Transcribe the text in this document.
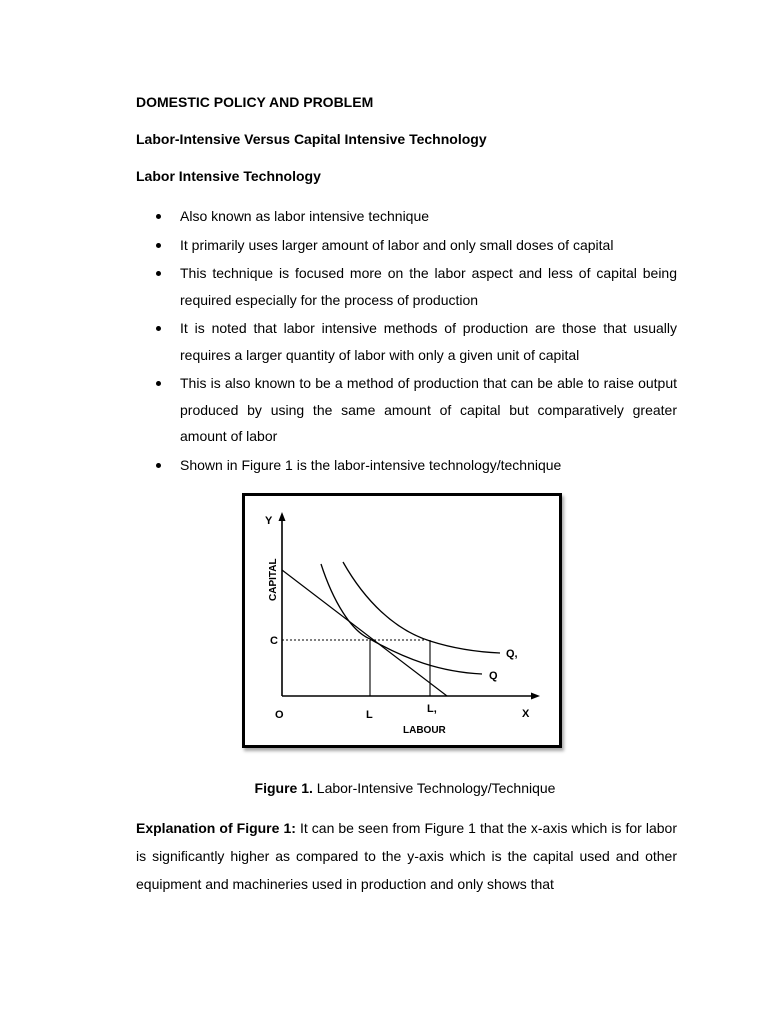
DOMESTIC POLICY AND PROBLEM
Labor-Intensive Versus Capital Intensive Technology
Labor Intensive Technology
Also known as labor intensive technique
It primarily uses larger amount of labor and only small doses of capital
This technique is focused more on the labor aspect and less of capital being required especially for the process of production
It is noted that labor intensive methods of production are those that usually requires a larger quantity of labor with only a given unit of capital
This is also known to be a method of production that can be able to raise output produced by using the same amount of capital but comparatively greater amount of labor
Shown in Figure 1 is the labor-intensive technology/technique
Y
CAPITAL
C
O	L	L,	X
LABOUR
Q
Q,
Figure 1. Labor-Intensive Technology/Technique

Explanation of Figure 1: It can be seen from Figure 1 that the x-axis which is for labor is significantly higher as compared to the y-axis which is the capital used and other equipment and machineries used in production and only shows that
